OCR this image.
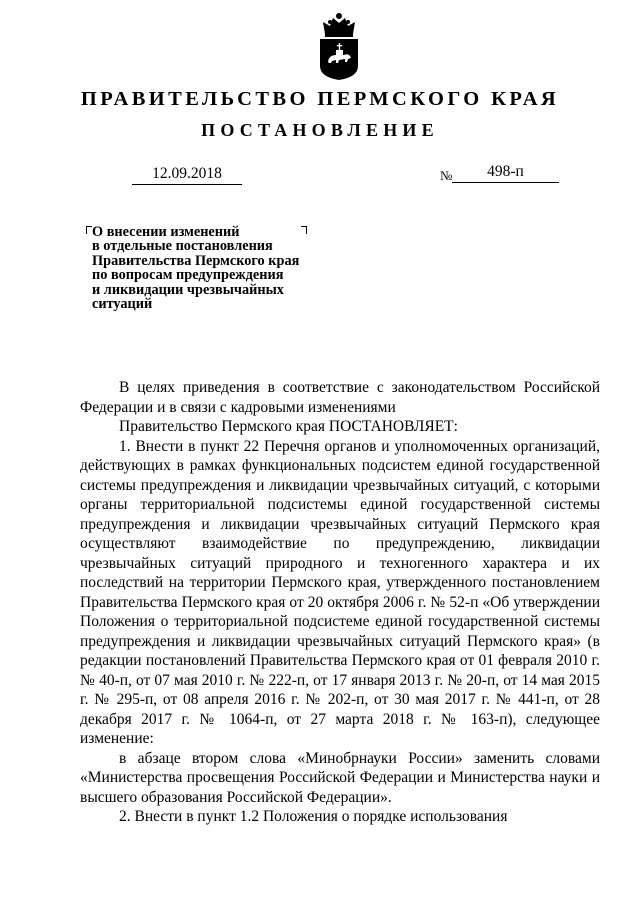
ПРАВИТЕЛЬСТВО ПЕРМСКОГО КРАЯ
ПОСТАНОВЛЕНИЕ
12.09.2018	№	498-п
О внесении изменений
в отдельные постановления
Правительства Пермского края
по вопросам предупреждения
и ликвидации чрезвычайных
ситуаций

В целях приведения в соответствие с законодательством Российской Федерации и в связи с кадровыми изменениями

Правительство Пермского края ПОСТАНОВЛЯЕТ:

1. Внести в пункт 22 Перечня органов и уполномоченных организаций, действующих в рамках функциональных подсистем единой государственной системы предупреждения и ликвидации чрезвычайных ситуаций, с которыми органы территориальной подсистемы единой государственной системы предупреждения и ликвидации чрезвычайных ситуаций Пермского края осуществляют взаимодействие по предупреждению, ликвидации чрезвычайных ситуаций природного и техногенного характера и их последствий на территории Пермского края, утвержденного постановлением Правительства Пермского края от 20 октября 2006 г. № 52-п «Об утверждении Положения о территориальной подсистеме единой государственной системы предупреждения и ликвидации чрезвычайных ситуаций Пермского края» (в редакции постановлений Правительства Пермского края от 01 февраля 2010 г. № 40-п, от 07 мая 2010 г. № 222-п, от 17 января 2013 г. № 20-п, от 14 мая 2015 г. № 295-п, от 08 апреля 2016 г. № 202-п, от 30 мая 2017 г. № 441-п, от 28 декабря 2017 г. № 1064-п, от 27 марта 2018 г. № 163-п), следующее изменение:

в абзаце втором слова «Минобрнауки России» заменить словами «Министерства просвещения Российской Федерации и Министерства науки и высшего образования Российской Федерации».

2. Внести в пункт 1.2 Положения о порядке использования
